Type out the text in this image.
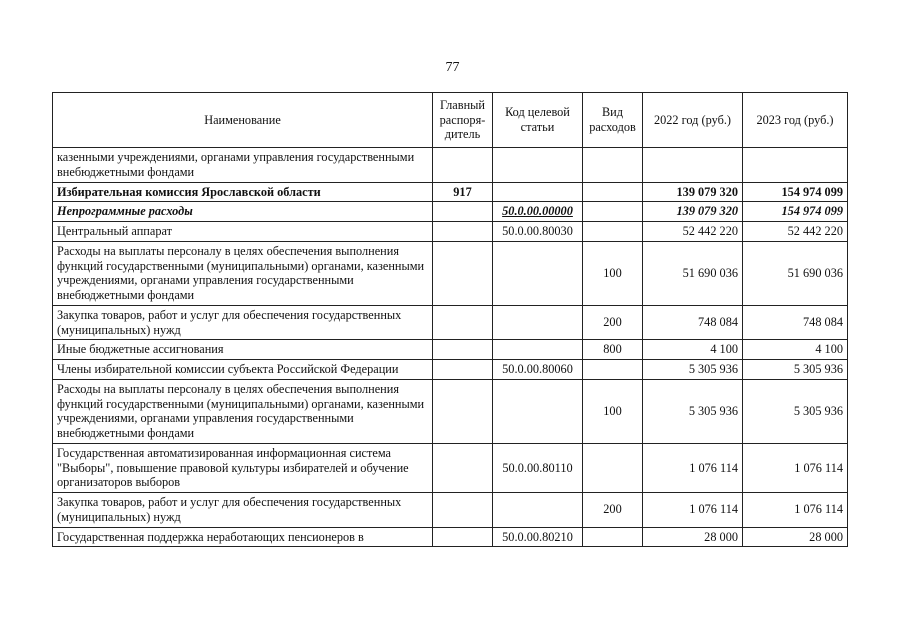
77
Наименование	Главный распоря-дитель	Код целевой статьи	Вид расходов	2022 год (руб.)	2023 год (руб.)
казенными учреждениями, органами управления государственными внебюджетными фондами					
Избирательная комиссия Ярославской области	917			139 079 320	154 974 099
Непрограммные расходы		50.0.00.00000		139 079 320	154 974 099
Центральный аппарат		50.0.00.80030		52 442 220	52 442 220
Расходы на выплаты персоналу в целях обеспечения выполнения функций государственными (муниципальными) органами, казенными учреждениями, органами управления государственными внебюджетными фондами			100	51 690 036	51 690 036
Закупка товаров, работ и услуг для обеспечения государственных (муниципальных) нужд			200	748 084	748 084
Иные бюджетные ассигнования			800	4 100	4 100
Члены избирательной комиссии субъекта Российской Федерации		50.0.00.80060		5 305 936	5 305 936
Расходы на выплаты персоналу в целях обеспечения выполнения функций государственными (муниципальными) органами, казенными учреждениями, органами управления государственными внебюджетными фондами			100	5 305 936	5 305 936
Государственная автоматизированная информационная система "Выборы", повышение правовой культуры избирателей и обучение организаторов выборов		50.0.00.80110		1 076 114	1 076 114
Закупка товаров, работ и услуг для обеспечения государственных (муниципальных) нужд			200	1 076 114	1 076 114
Государственная поддержка неработающих пенсионеров в		50.0.00.80210		28 000	28 000
